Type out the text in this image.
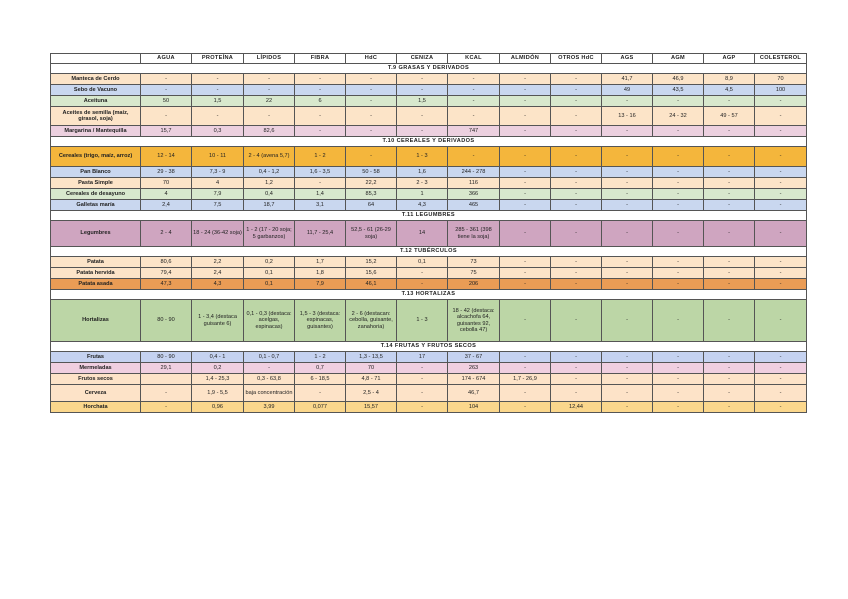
	AGUA	PROTEÍNA	LÍPIDOS	FIBRA	HdC	CENIZA	KCAL	ALMIDÓN	OTROS HdC	AGS	AGM	AGP	COLESTEROL
T.9 GRASAS Y DERIVADOS													
Manteca de Cerdo	-	-	-	-	-	-	-	-	-	41,7	46,9	8,9	70
Sebo de Vacuno	-	-	-	-	-	-	-	-	-	49	43,5	4,5	100
Aceituna	50	1,5	22	6	-	1,5	-	-	-	-	-	-	-
Aceites de semilla (maíz, girasol, soja)	-	-	-	-	-	-	-	-	-	13 - 16	24 - 32	49 - 57	-
Margarina / Mantequilla	15,7	0,3	82,6	-	-	-	747	-	-	-	-	-	-
T.10 CEREALES Y DERIVADOS													
Cereales (trigo, maíz, arroz)	12 - 14	10 - 11	2 - 4 (avena 5,7)	1 - 2	-	1 - 3	-	-	-	-	-	-	-
Pan Blanco	29 - 38	7,3 - 9	0,4 - 1,2	1,6 - 3,5	50 - 58	1,6	244 - 278	-	-	-	-	-	-
Pasta Simple	70	4	1,2	-	22,2	2 - 3	116	-	-	-	-	-	-
Cereales de desayuno	4	7,9	0,4	1,4	85,3	1	366	-	-	-	-	-	-
Galletas maría	2,4	7,5	18,7	3,1	64	4,3	465	-	-	-	-	-	-
T.11 LEGUMBRES													
Legumbres	2 - 4	18 - 24 (36-42 soja)	1 - 2 (17 - 20 soja; 5 garbanzos)	11,7 - 25,4	52,5 - 61 (26-29 soja)	14	285 - 361 (398 tiene la soja)	-	-	-	-	-	-
T.12 TUBÉRCULOS													
Patata	80,6	2,2	0,2	1,7	15,2	0,1	73	-	-	-	-	-	-
Patata hervida	79,4	2,4	0,1	1,8	15,6	-	75	-	-	-	-	-	-
Patata asada	47,3	4,3	0,1	7,9	46,1	-	206	-	-	-	-	-	-
T.13 HORTALIZAS													
Hortalizas	80 - 90	1 - 3,4 (destaca guisante 6)	0,1 - 0,3 (destaca: acelgas, espinacas)	1,5 - 3 (destaca: espinacas, guisantes)	2 - 6 (destacan: cebolla, guisante, zanahoria)	1 - 3	18 - 42 (destaca: alcachofa 64, guisantes 92, cebolla 47)	-	-	-	-	-	-
T.14 FRUTAS Y FRUTOS SECOS													
Frutas	80 - 90	0,4 - 1	0,1 - 0,7	1 - 2	1,3 - 13,5	17	37 - 67	-	-	-	-	-	-
Mermeladas	29,1	0,2	-	0,7	70	-	263	-	-	-	-	-	-
Frutos secos		1,4 - 25,3	0,3 - 63,8	6 - 18,5	4,8 - 71	-	174 - 674	1,7 - 26,9	-	-	-	-	-
Cerveza	-	1,9 - 5,5	baja concentración	-	2,5 - 4	-	46,7	-	-	-	-	-	-
Horchata	-	0,96	3,99	0,077	15,57	-	104	-	12,44	-	-	-	-
